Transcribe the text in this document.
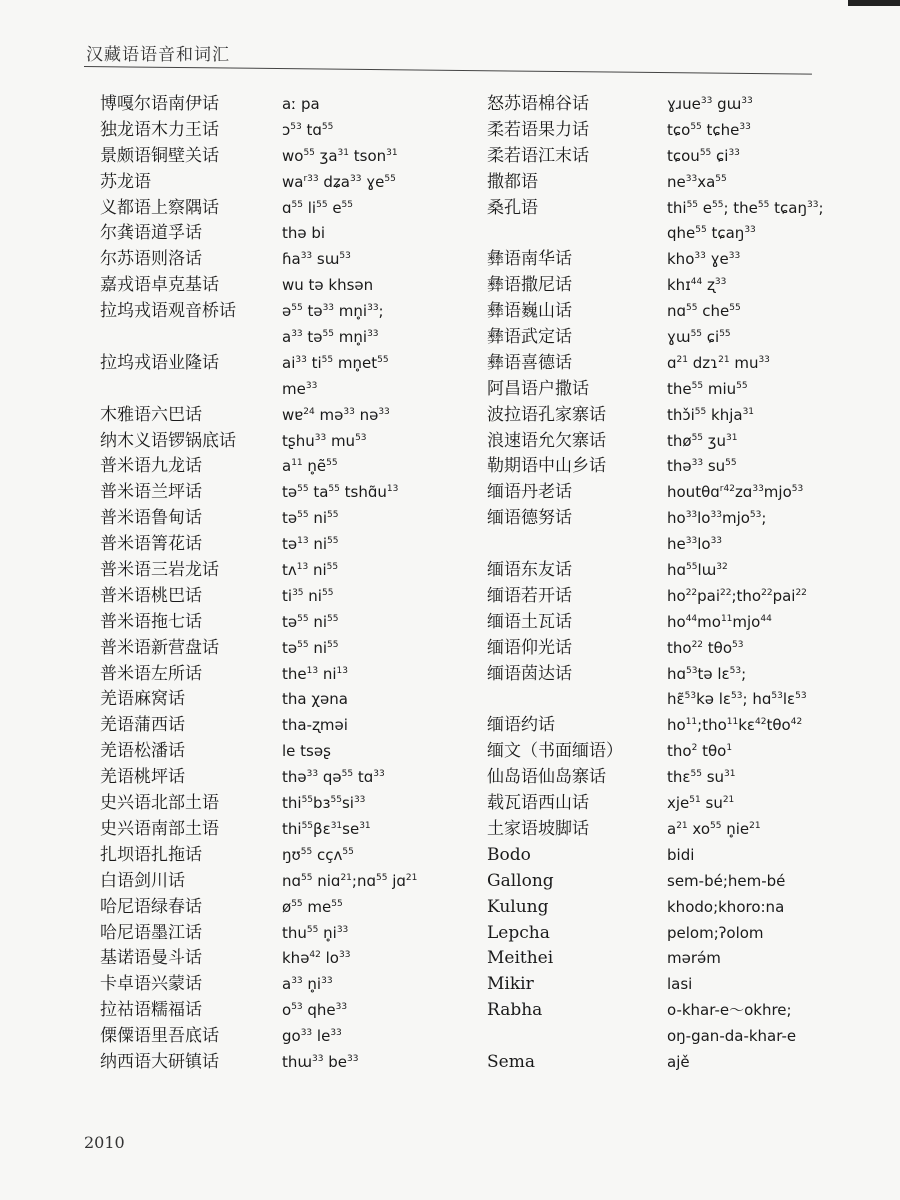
汉藏语语音和词汇
博嘎尔语南伊话
独龙语木力王话
景颇语铜壁关话
苏龙语
义都语上察隅话
尔龚语道孚话
尔苏语则洛话
嘉戎语卓克基话
拉坞戎语观音桥话
拉坞戎语业隆话
木雅语六巴话
纳木义语锣锅底话
普米语九龙话
普米语兰坪话
普米语鲁甸话
普米语箐花话
普米语三岩龙话
普米语桃巴话
普米语拖七话
普米语新营盘话
普米语左所话
羌语麻窝话
羌语蒲西话
羌语松潘话
羌语桃坪话
史兴语北部土语
史兴语南部土语
扎坝语扎拖话
白语剑川话
哈尼语绿春话
哈尼语墨江话
基诺语曼斗话
卡卓语兴蒙话
拉祜语糯福话
傈僳语里吾底话
纳西语大研镇话
aː pa
ɔ$^{53}$ tɑ$^{55}$
$wo^{55}$ ʒa$^{31}$ tson$^{31}$
$wa^{r33}$ dʑa$^{33}$ ɣe$^{55}$
ɑ$^{55}$ $li^{55}$ $e^{55}$
thə bi
ɦa$^{33}$ sɯ$^{53}$
wu tə khsən
ə$^{55}$ tə$^{33}$ $mn̥i^{33}$;
$a^{33}$ tə$^{55}$ $mn̥i^{33}$
$ai^{33}$ $ti^{55}$ $mn̥et^{55}$
$me^{33}$
wɐ$^{24}$ mə$^{33}$ nə$^{33}$
tʂhu$^{33}$ $mu^{53}$
$a^{11}$ n̥ẽ$^{55}$
tə$^{55}$ $ta^{55}$ $tshɑ̃u^{13}$
tə$^{55}$ $ni^{55}$
tə$^{13}$ $ni^{55}$
tʌ$^{13}$ $ni^{55}$
$ti^{35}$ $ni^{55}$
tə$^{55}$ $ni^{55}$
tə$^{55}$ $ni^{55}$
the$^{13}$ $ni^{13}$
tha χəna
tha-ʐməi
le tsəʂ
thə$^{33}$ qə$^{55}$ tɑ$^{33}$
$thi^{55}bɜ^{55}si^{33}$
$thi^{55}\beta ɛ^{31}se^{31}$
ŋʊ$^{55}$ cçʌ$^{55}$
nɑ$^{55}$ niɑ$^{21}$;nɑ$^{55}$ jɑ$^{21}$
$ø^{55}$ $me^{55}$
thu$^{55}$ $n̥i^{33}$
khə$^{42}$ $lo^{33}$
$a^{33}$ $n̥i^{33}$
$o^{53}$ qhe$^{33}$
$go^{33}$ $le^{33}$
thɯ$^{33}$ $be^{33}$
怒苏语棉谷话
柔若语果力话
柔若语江末话
撒都语
桑孔语
彝语南华话
彝语撒尼话
彝语巍山话
彝语武定话
彝语喜德话
阿昌语户撒话
波拉语孔家寨话
浪速语允欠寨话
勒期语中山乡话
缅语丹老话
缅语德努话
缅语东友话
缅语若开话
缅语土瓦话
缅语仰光话
缅语茵达话
缅语约话
缅文（书面缅语）
仙岛语仙岛寨话
载瓦语西山话
土家语坡脚话
Bodo
Gallong
Kulung
Lepcha
Meithei
Mikir
Rabha
Sema
ɣɹue$^{33}$ gɯ$^{33}$
tɕo$^{55}$ tɕhe$^{33}$
tɕou$^{55}$ ɕi$^{33}$
$ne^{33}xa^{55}$
thi$^{55}$ $e^{55}$; the$^{55}$ tɕaŋ$^{33}$;
qhe$^{55}$ tɕaŋ$^{33}$
kho$^{33}$ ɣe$^{33}$
khɪ$^{44}$ ʐ$^{33}$
nɑ$^{55}$ che$^{55}$
ɣɯ$^{55}$ ɕi$^{55}$
ɑ$^{21}$ dzɿ$^{21}$ $mu^{33}$
the$^{55}$ miu$^{55}$
$thɔ̌i^{55}$ khja$^{31}$
thø$^{55}$ ʒu$^{31}$
thə$^{33}$ $su^{55}$
houtθɑ$^{r42}$zɑ$^{33}$mjo$^{53}$
$ho^{33}lo^{33}mjo^{53}$;
$he^{33}lo^{33}$
hɑ$^{55}$lɯ$^{32}$
$ho^{22}pai^{22};tho^{22}pai^{22}$
$ho^{44}mo^{11}mjo^{44}$
tho$^{22}$ tθo$^{53}$
hɑ$^{53}$tə lɛ$^{53}$;
hɛ̃$^{53}$kə lɛ$^{53}$; hɑ$^{53}$lɛ$^{53}$
$ho^{11};tho^{11}kɛ^{42}t\theta o^{42}$
tho$^2$ tθo$^1$
thɛ$^{55}$ $su^{31}$
xje$^{51}$ $su^{21}$
$a^{21}$ $xo^{55}$ $n̥ie^{21}$
bidi
sem-bé;hem-bé
khodo;khoro:na
pelom;ʔolom
mərə́m
lasi
o-khar-e～okhre;
oŋ-gan-da-khar-e
ajě
2010
